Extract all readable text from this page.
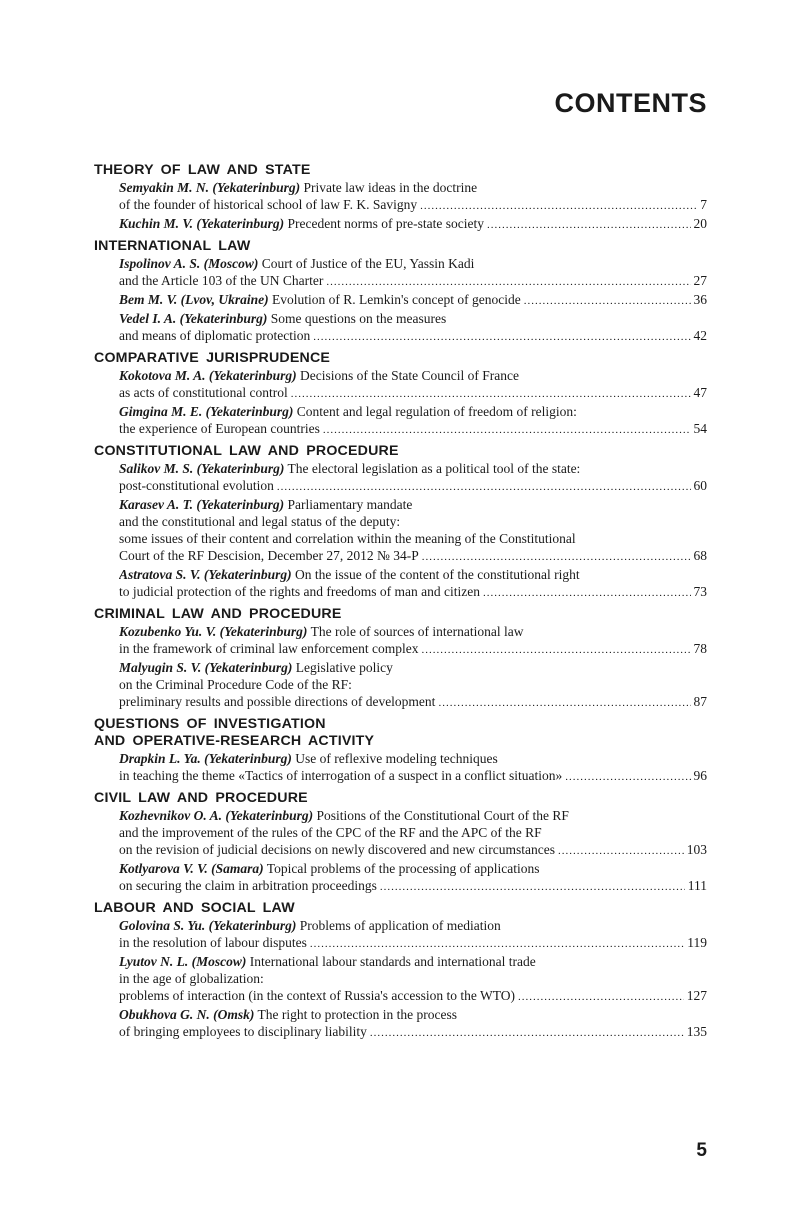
CONTENTS
THEORY OF LAW AND STATE
Semyakin M. N. (Yekaterinburg) Private law ideas in the doctrine
of the founder of historical school of law F. K. Savigny .....	7
Kuchin M. V. (Yekaterinburg) Precedent norms of pre-state society .....	20
INTERNATIONAL LAW
Ispolinov A. S. (Moscow) Court of Justice of the EU, Yassin Kadi
and the Article 103 of the UN Charter .....	27
Bem M. V. (Lvov, Ukraine) Evolution of R. Lemkin's concept of genocide .....	36
Vedel I. A. (Yekaterinburg) Some questions on the measures
and means of diplomatic protection .....	42
COMPARATIVE JURISPRUDENCE
Kokotova M. A. (Yekaterinburg) Decisions of the State Council of France
as acts of constitutional control .....	47
Gimgina M. E. (Yekaterinburg) Content and legal regulation of freedom of religion:
the experience of European countries .....	54
CONSTITUTIONAL LAW AND PROCEDURE
Salikov M. S. (Yekaterinburg) The electoral legislation as a political tool of the state:
post-constitutional evolution .....	60
Karasev A. T. (Yekaterinburg) Parliamentary mandate
and the constitutional and legal status of the deputy:
some issues of their content and correlation within the meaning of the Constitutional
Court of the RF Descision, December 27, 2012 № 34-P .....	68
Astratova S. V. (Yekaterinburg) On the issue of the content of the constitutional right
to judicial protection of the rights and freedoms of man and citizen .....	73
CRIMINAL LAW AND PROCEDURE
Kozubenko Yu. V. (Yekaterinburg) The role of sources of international law
in the framework of criminal law enforcement complex .....	78
Malyugin S. V. (Yekaterinburg) Legislative policy
on the Criminal Procedure Code of the RF:
preliminary results and possible directions of development .....	87
QUESTIONS OF INVESTIGATION
AND OPERATIVE-RESEARCH ACTIVITY
Drapkin L. Ya. (Yekaterinburg) Use of reflexive modeling techniques
in teaching the theme «Tactics of interrogation of a suspect in a conflict situation» .....	96
CIVIL LAW AND PROCEDURE
Kozhevnikov O. A. (Yekaterinburg) Positions of the Constitutional Court of the RF
and the improvement of the rules of the CPC of the RF and the APC of the RF
on the revision of judicial decisions on newly discovered and new circumstances .....	103
Kotlyarova V. V. (Samara) Topical problems of the processing of applications
on securing the claim in arbitration proceedings .....	111
LABOUR AND SOCIAL LAW
Golovina S. Yu. (Yekaterinburg) Problems of application of mediation
in the resolution of labour disputes .....	119
Lyutov N. L. (Moscow) International labour standards and international trade
in the age of globalization:
problems of interaction (in the context of Russia's accession to the WTO) .....	127
Obukhova G. N. (Omsk) The right to protection in the process
of bringing employees to disciplinary liability .....	135
5
